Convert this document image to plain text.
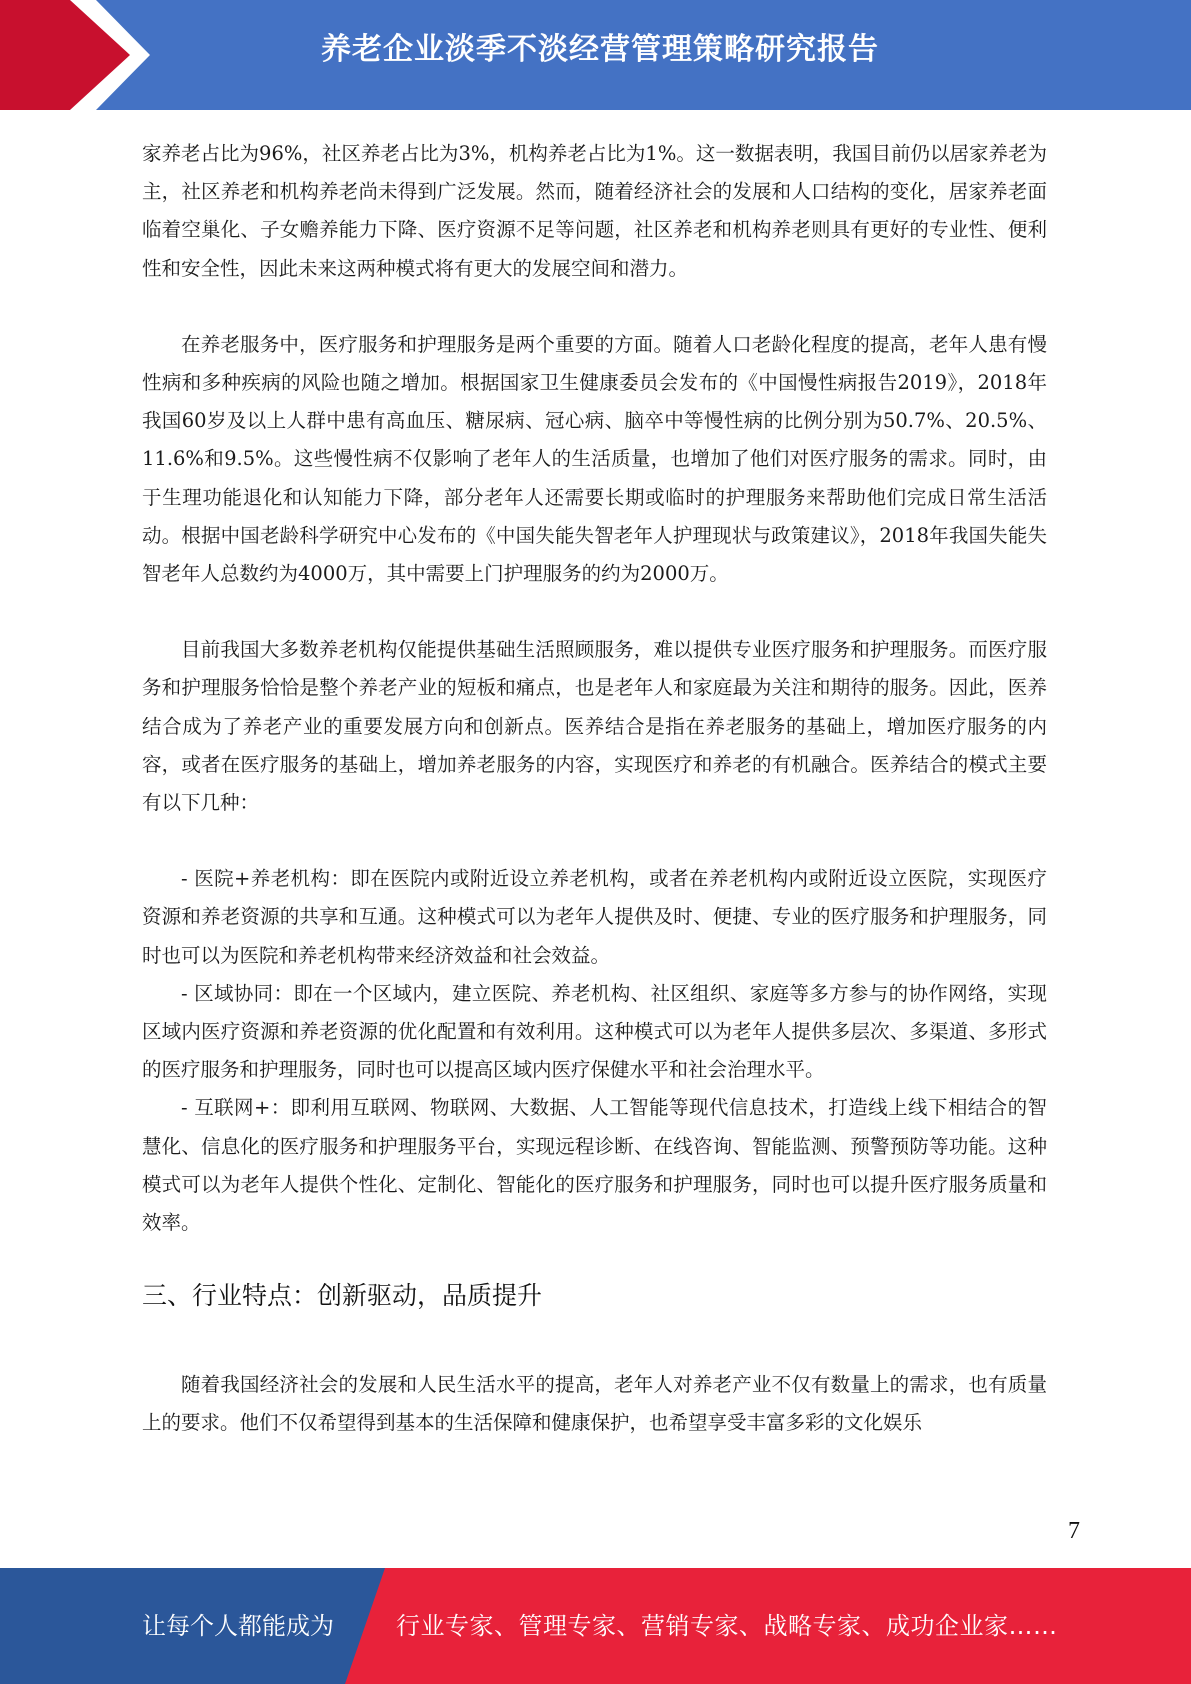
养老企业淡季不淡经营管理策略研究报告

家养老占比为96%，社区养老占比为3%，机构养老占比为1%。这一数据表明，我国目前仍以居家养老为主，社区养老和机构养老尚未得到广泛发展。然而，随着经济社会的发展和人口结构的变化，居家养老面临着空巢化、子女赡养能力下降、医疗资源不足等问题，社区养老和机构养老则具有更好的专业性、便利性和安全性，因此未来这两种模式将有更大的发展空间和潜力。

在养老服务中，医疗服务和护理服务是两个重要的方面。随着人口老龄化程度的提高，老年人患有慢性病和多种疾病的风险也随之增加。根据国家卫生健康委员会发布的《中国慢性病报告2019》，2018年我国60岁及以上人群中患有高血压、糖尿病、冠心病、脑卒中等慢性病的比例分别为50.7%、20.5%、11.6%和9.5%。这些慢性病不仅影响了老年人的生活质量，也增加了他们对医疗服务的需求。同时，由于生理功能退化和认知能力下降，部分老年人还需要长期或临时的护理服务来帮助他们完成日常生活活动。根据中国老龄科学研究中心发布的《中国失能失智老年人护理现状与政策建议》，2018年我国失能失智老年人总数约为4000万，其中需要上门护理服务的约为2000万。

目前我国大多数养老机构仅能提供基础生活照顾服务，难以提供专业医疗服务和护理服务。而医疗服务和护理服务恰恰是整个养老产业的短板和痛点，也是老年人和家庭最为关注和期待的服务。因此，医养结合成为了养老产业的重要发展方向和创新点。医养结合是指在养老服务的基础上，增加医疗服务的内容，或者在医疗服务的基础上，增加养老服务的内容，实现医疗和养老的有机融合。医养结合的模式主要有以下几种：

- 医院+养老机构：即在医院内或附近设立养老机构，或者在养老机构内或附近设立医院，实现医疗资源和养老资源的共享和互通。这种模式可以为老年人提供及时、便捷、专业的医疗服务和护理服务，同时也可以为医院和养老机构带来经济效益和社会效益。

- 区域协同：即在一个区域内，建立医院、养老机构、社区组织、家庭等多方参与的协作网络，实现区域内医疗资源和养老资源的优化配置和有效利用。这种模式可以为老年人提供多层次、多渠道、多形式的医疗服务和护理服务，同时也可以提高区域内医疗保健水平和社会治理水平。

- 互联网+：即利用互联网、物联网、大数据、人工智能等现代信息技术，打造线上线下相结合的智慧化、信息化的医疗服务和护理服务平台，实现远程诊断、在线咨询、智能监测、预警预防等功能。这种模式可以为老年人提供个性化、定制化、智能化的医疗服务和护理服务，同时也可以提升医疗服务质量和效率。

三、行业特点：创新驱动，品质提升

随着我国经济社会的发展和人民生活水平的提高，老年人对养老产业不仅有数量上的需求，也有质量上的要求。他们不仅希望得到基本的生活保障和健康保护，也希望享受丰富多彩的文化娱乐

7
让每个人都能成为	行业专家、管理专家、营销专家、战略专家、成功企业家……
